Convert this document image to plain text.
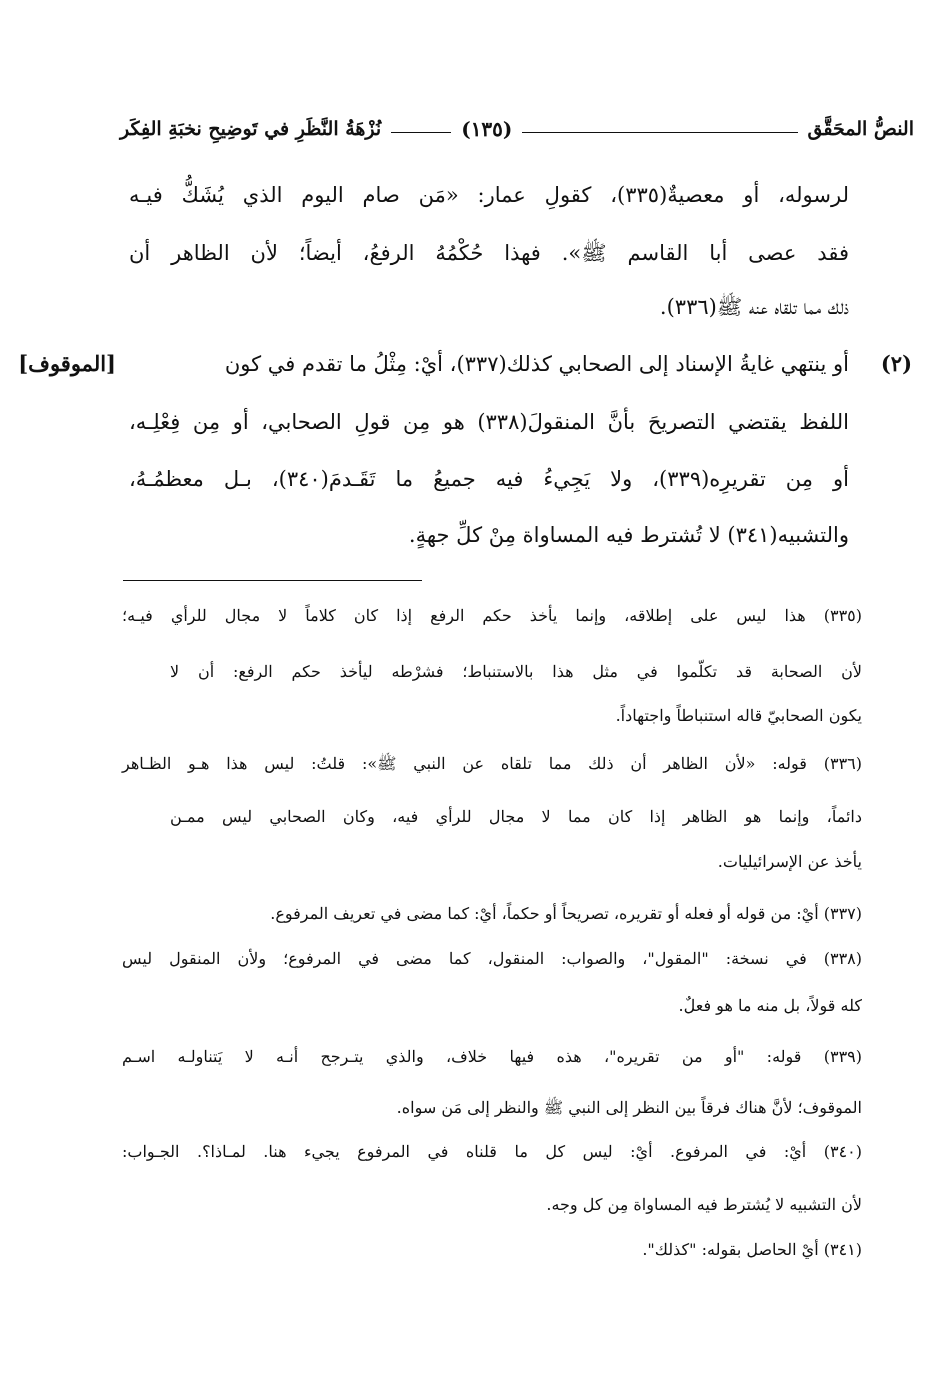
النصُّ المحَقَّق
(١٣٥)
نُزْهَةُ النَّظَرِ في تَوضِيحِ نخبَةِ الفِكَر
لرسوله، أو معصيةٌ(٣٣٥)، كقولِ عمار: «مَن صام اليوم الذي يُشَكُّ فيـه
فقد عصى أبا القاسم ﷺ». فهذا حُكْمُهُ الرفعُ، أيضاً؛ لأن الظاهر أن
ذلك مما تلقاه عنه ﷺ(٣٣٦).
(٢)
أو ينتهي غايةُ الإسناد إلى الصحابي كذلك(٣٣٧)، أيْ: مِثْلُ ما تقدم في كون
[الموقوف]
اللفظ يقتضي التصريحَ بأنَّ المنقولَ(٣٣٨) هو مِن قولِ الصحابي، أو مِن فِعْلِـه،
أو مِن تقريرِه(٣٣٩)، ولا يَجِيءُ فيه جميعُ ما تَقَـدمَ(٣٤٠)، بـل معظمُـهُ،
والتشبيه(٣٤١) لا تُشترط فيه المساواة مِنْ كلِّ جهةٍ.
(٣٣٥) هذا ليس على إطلاقه، وإنما يأخذ حكم الرفع إذا كان كلاماً لا مجال للرأي فيـه؛
لأن الصحابة قد تكلّموا في مثل هذا بالاستنباط؛ فشرْطه ليأخذ حكم الرفع: أن لا
يكون الصحابيّ قاله استنباطاً واجتهاداً.
(٣٣٦) قوله: «لأن الظاهر أن ذلك مما تلقاه عن النبي ﷺ»: قلتُ: ليس هذا هـو الظـاهر
دائماً، وإنما هو الظاهر إذا كان مما لا مجال للرأي فيه، وكان الصحابي ليس ممـن
يأخذ عن الإسرائيليات.
(٣٣٧) أيْ: من قوله أو فعله أو تقريره، تصريحاً أو حكماً، أيْ: كما مضى في تعريف المرفوع.
(٣٣٨) في نسخة: "المقول"، والصواب: المنقول، كما مضى في المرفوع؛ ولأن المنقول ليس
كله قولاً، بل منه ما هو فعلٌ.
(٣٣٩) قوله: "أو من تقريره"، هذه فيها خلاف، والذي يتـرجح أنـه لا يَتناولـه اسـم
الموقوف؛ لأنَّ هناك فرقاً بين النظر إلى النبي ﷺ والنظر إلى مَن سواه.
(٣٤٠) أيْ: في المرفوع. أيْ: ليس كل ما قلناه في المرفوع يجيء هنا. لمـاذا؟. الجـواب:
لأن التشبيه لا يُشترط فيه المساواة مِن كل وجه.
(٣٤١) أيْ الحاصل بقوله: "كذلك".
